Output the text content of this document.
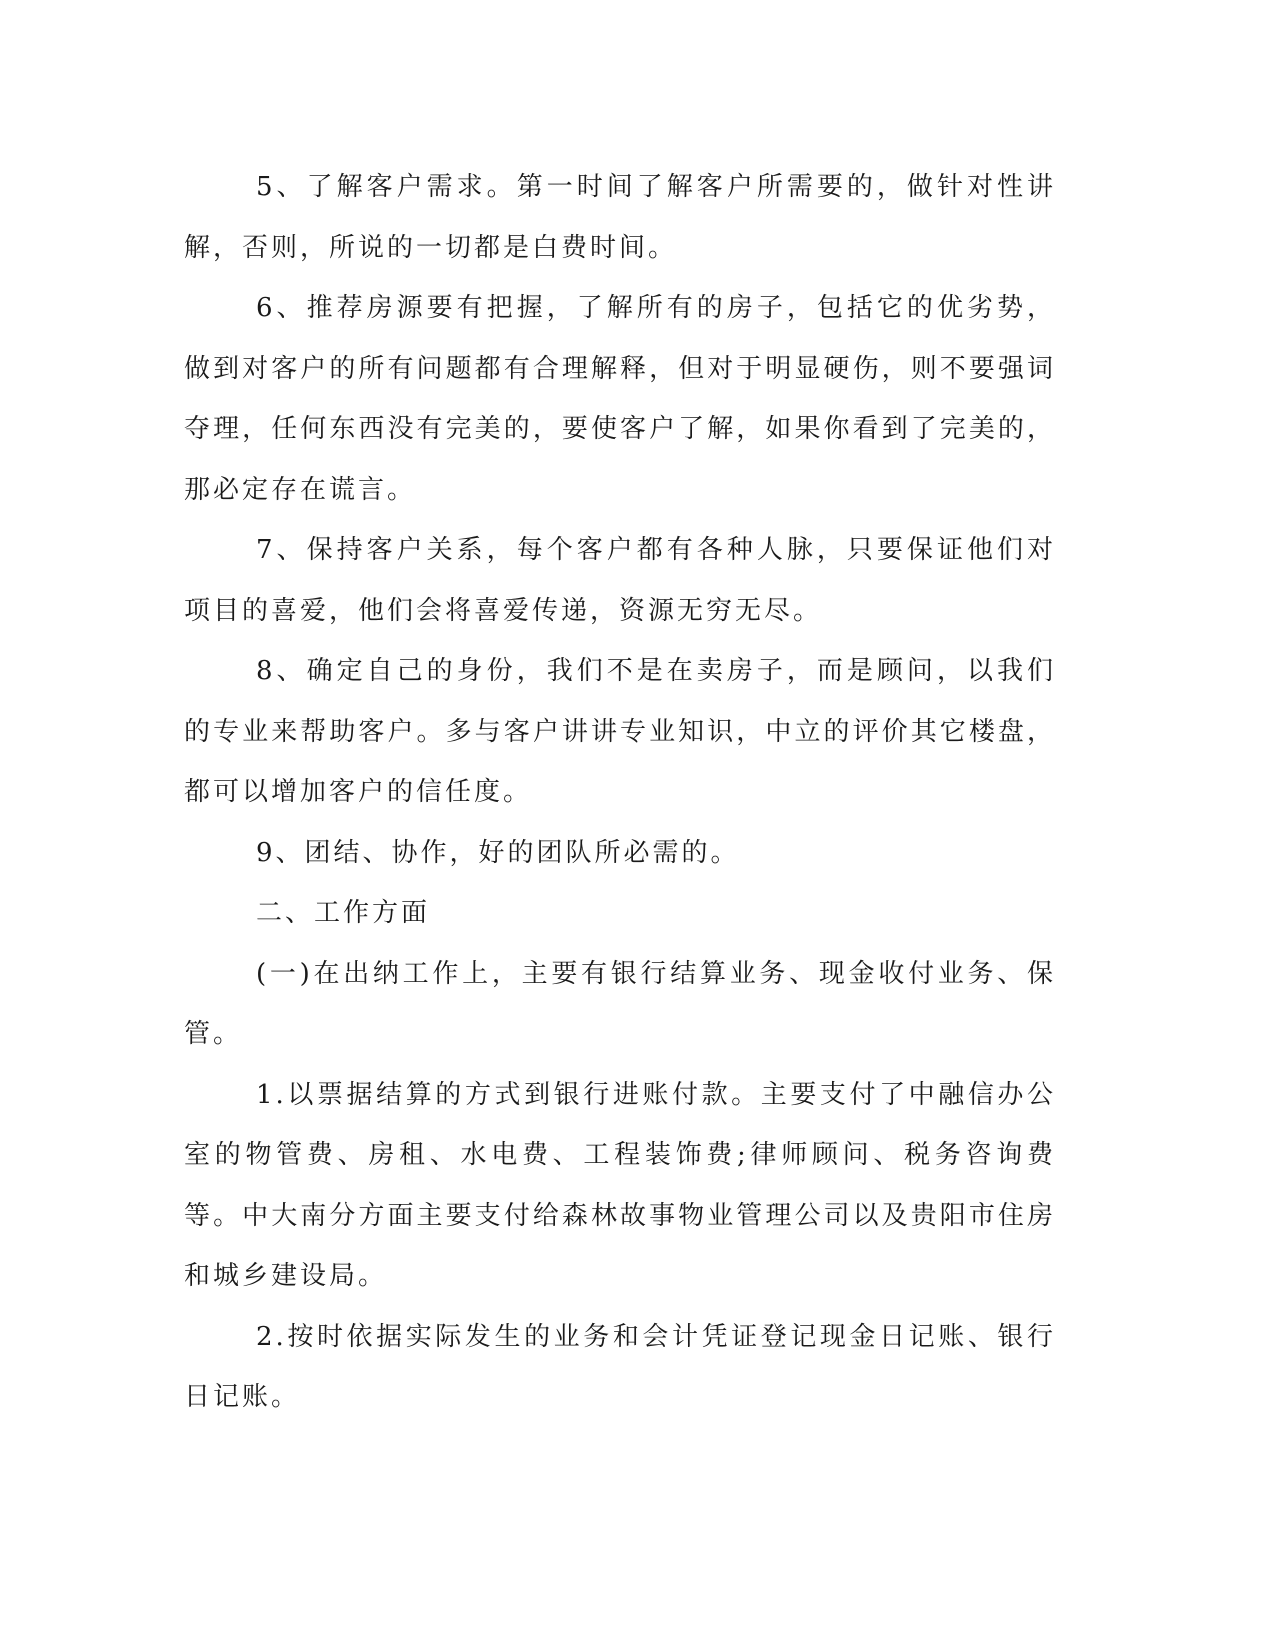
5、了解客户需求。第一时间了解客户所需要的，做针对性讲解，否则，所说的一切都是白费时间。

6、推荐房源要有把握，了解所有的房子，包括它的优劣势，做到对客户的所有问题都有合理解释，但对于明显硬伤，则不要强词夺理，任何东西没有完美的，要使客户了解，如果你看到了完美的，那必定存在谎言。

7、保持客户关系，每个客户都有各种人脉，只要保证他们对项目的喜爱，他们会将喜爱传递，资源无穷无尽。

8、确定自己的身份，我们不是在卖房子，而是顾问，以我们的专业来帮助客户。多与客户讲讲专业知识，中立的评价其它楼盘，都可以增加客户的信任度。

9、团结、协作，好的团队所必需的。

二、工作方面

(一)在出纳工作上，主要有银行结算业务、现金收付业务、保管。

1.以票据结算的方式到银行进账付款。主要支付了中融信办公室的物管费、房租、水电费、工程装饰费;律师顾问、税务咨询费等。中大南分方面主要支付给森林故事物业管理公司以及贵阳市住房和城乡建设局。

2.按时依据实际发生的业务和会计凭证登记现金日记账、银行日记账。
